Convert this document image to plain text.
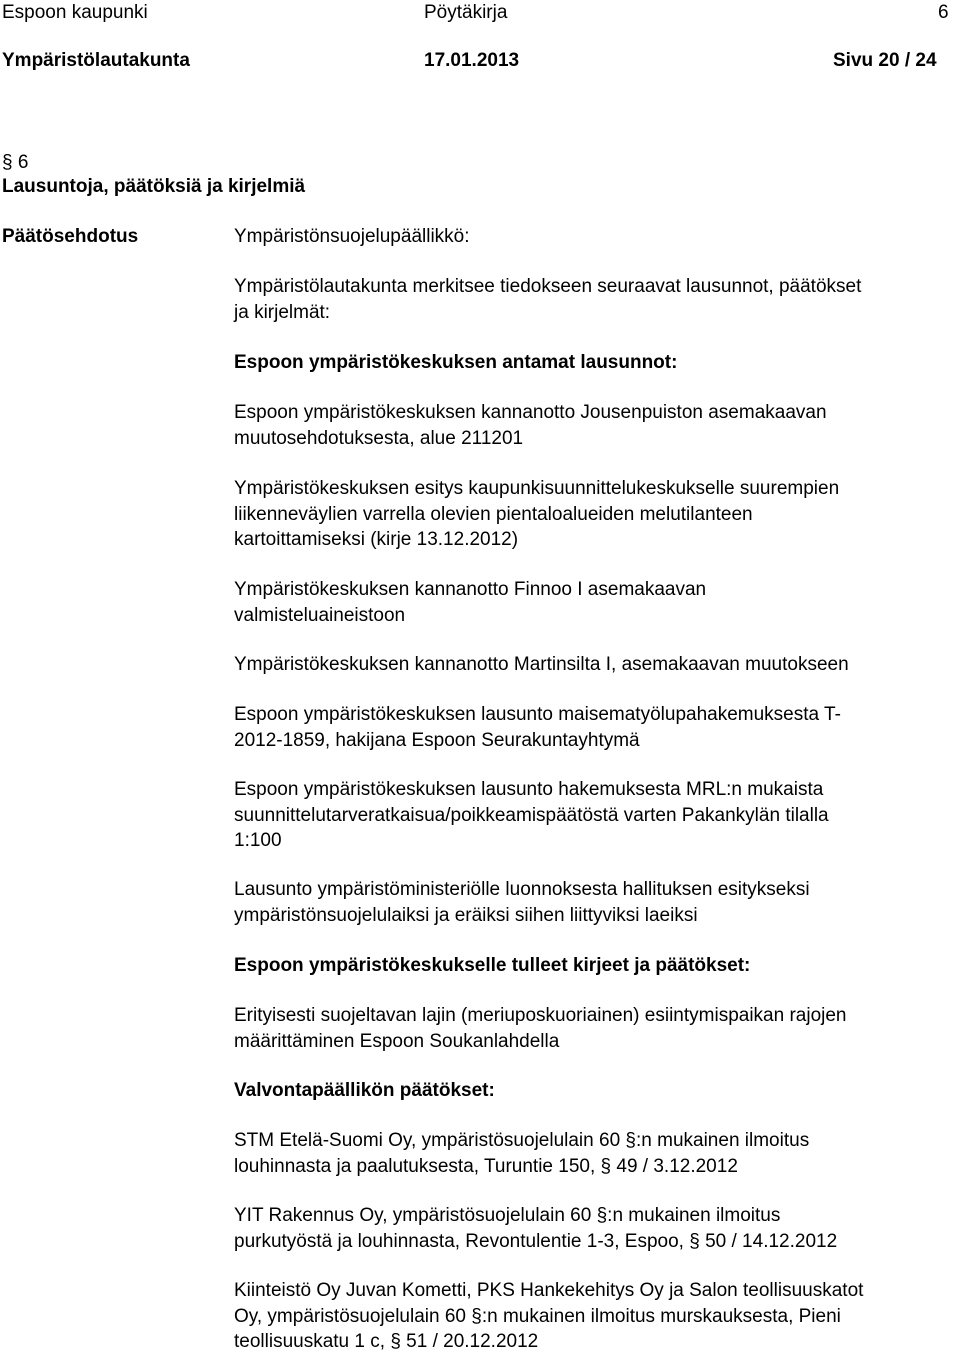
Espoon kaupunki	Pöytäkirja	6
Ympäristölautakunta	17.01.2013	Sivu 20 / 24
§ 6
Lausuntoja, päätöksiä ja kirjelmiä
Päätösehdotus	Ympäristönsuojelupäällikkö:
Ympäristölautakunta merkitsee tiedokseen seuraavat lausunnot, päätökset
ja kirjelmät:
Espoon ympäristökeskuksen antamat lausunnot:
Espoon ympäristökeskuksen kannanotto Jousenpuiston asemakaavan
muutosehdotuksesta, alue 211201
Ympäristökeskuksen esitys kaupunkisuunnittelukeskukselle suurempien
liikenneväylien varrella olevien pientaloalueiden melutilanteen
kartoittamiseksi (kirje 13.12.2012)
Ympäristökeskuksen kannanotto Finnoo I asemakaavan
valmisteluaineistoon
Ympäristökeskuksen kannanotto Martinsilta I, asemakaavan muutokseen
Espoon ympäristökeskuksen lausunto maisematyölupahakemuksesta T-
2012-1859, hakijana Espoon Seurakuntayhtymä
Espoon ympäristökeskuksen lausunto hakemuksesta MRL:n mukaista
suunnittelutarveratkaisua/poikkeamispäätöstä varten Pakankylän tilalla
1:100
Lausunto ympäristöministeriölle luonnoksesta hallituksen esitykseksi
ympäristönsuojelulaiksi ja eräiksi siihen liittyviksi laeiksi
Espoon ympäristökeskukselle tulleet kirjeet ja päätökset:
Erityisesti suojeltavan lajin (meriuposkuoriainen) esiintymispaikan rajojen
määrittäminen Espoon Soukanlahdella
Valvontapäällikön päätökset:
STM Etelä-Suomi Oy, ympäristösuojelulain 60 §:n mukainen ilmoitus
louhinnasta ja paalutuksesta, Turuntie 150, § 49 / 3.12.2012
YIT Rakennus Oy, ympäristösuojelulain 60 §:n mukainen ilmoitus
purkutyöstä ja louhinnasta, Revontulentie 1-3, Espoo, § 50 / 14.12.2012
Kiinteistö Oy Juvan Kometti, PKS Hankekehitys Oy ja Salon teollisuuskatot
Oy, ympäristösuojelulain 60 §:n mukainen ilmoitus murskauksesta, Pieni
teollisuuskatu 1 c, § 51 / 20.12.2012
